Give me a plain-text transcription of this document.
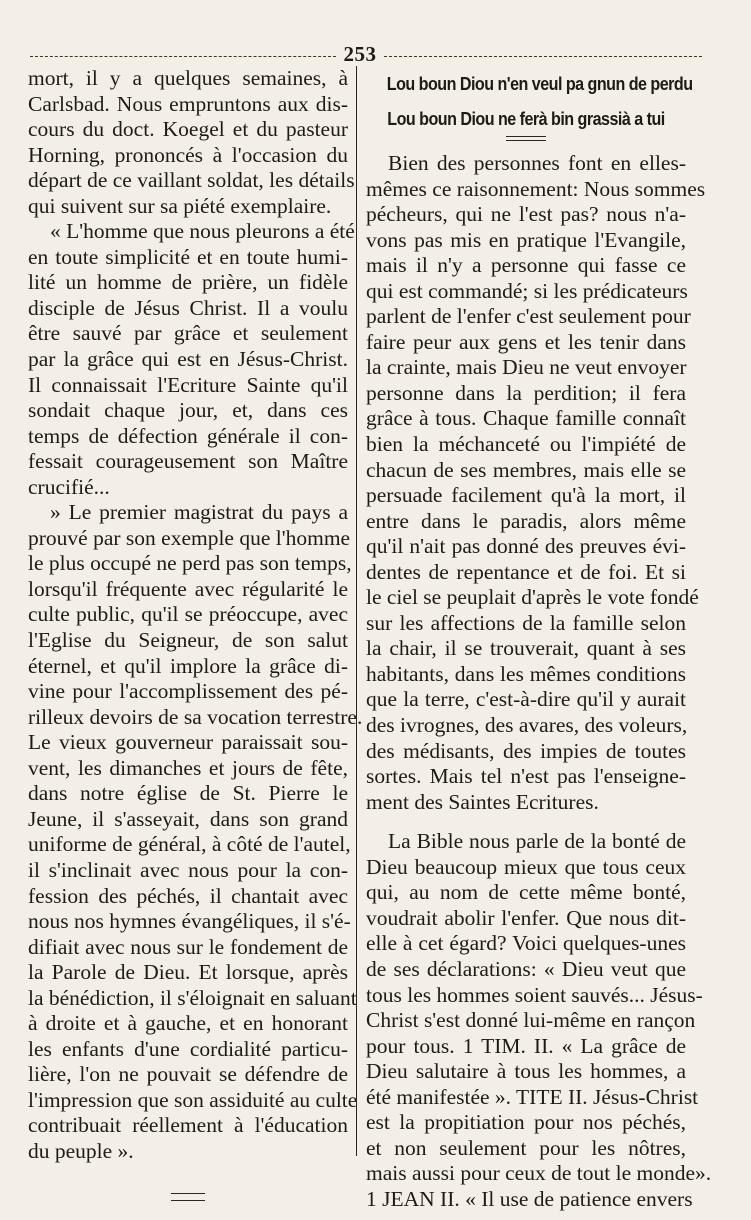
253
mort, il y a quelques semaines, à
Carlsbad. Nous empruntons aux dis-
cours du doct. Koegel et du pasteur
Horning, prononcés à l'occasion du
départ de ce vaillant soldat, les détails
qui suivent sur sa piété exemplaire.
« L'homme que nous pleurons a été
en toute simplicité et en toute humi-
lité un homme de prière, un fidèle
disciple de Jésus Christ. Il a voulu
être sauvé par grâce et seulement
par la grâce qui est en Jésus-Christ.
Il connaissait l'Ecriture Sainte qu'il
sondait chaque jour, et, dans ces
temps de défection générale il con-
fessait courageusement son Maître
crucifié...
» Le premier magistrat du pays a
prouvé par son exemple que l'homme
le plus occupé ne perd pas son temps,
lorsqu'il fréquente avec régularité le
culte public, qu'il se préoccupe, avec
l'Eglise du Seigneur, de son salut
éternel, et qu'il implore la grâce di-
vine pour l'accomplissement des pé-
rilleux devoirs de sa vocation terrestre.
Le vieux gouverneur paraissait sou-
vent, les dimanches et jours de fête,
dans notre église de St. Pierre le
Jeune, il s'asseyait, dans son grand
uniforme de général, à côté de l'autel,
il s'inclinait avec nous pour la con-
fession des péchés, il chantait avec
nous nos hymnes évangéliques, il s'é-
difiait avec nous sur le fondement de
la Parole de Dieu. Et lorsque, après
la bénédiction, il s'éloignait en saluant
à droite et à gauche, et en honorant
les enfants d'une cordialité particu-
lière, l'on ne pouvait se défendre de
l'impression que son assiduité au culte
contribuait réellement à l'éducation
du peuple ».
Lou boun Diou n'en veul pa gnun de perdu
Lou boun Diou ne ferà bin grassià a tui
Bien des personnes font en elles-
mêmes ce raisonnement: Nous sommes
pécheurs, qui ne l'est pas? nous n'a-
vons pas mis en pratique l'Evangile,
mais il n'y a personne qui fasse ce
qui est commandé; si les prédicateurs
parlent de l'enfer c'est seulement pour
faire peur aux gens et les tenir dans
la crainte, mais Dieu ne veut envoyer
personne dans la perdition; il fera
grâce à tous. Chaque famille connaît
bien la méchanceté ou l'impiété de
chacun de ses membres, mais elle se
persuade facilement qu'à la mort, il
entre dans le paradis, alors même
qu'il n'ait pas donné des preuves évi-
dentes de repentance et de foi. Et si
le ciel se peuplait d'après le vote fondé
sur les affections de la famille selon
la chair, il se trouverait, quant à ses
habitants, dans les mêmes conditions
que la terre, c'est-à-dire qu'il y aurait
des ivrognes, des avares, des voleurs,
des médisants, des impies de toutes
sortes. Mais tel n'est pas l'enseigne-
ment des Saintes Ecritures.
La Bible nous parle de la bonté de
Dieu beaucoup mieux que tous ceux
qui, au nom de cette même bonté,
voudrait abolir l'enfer. Que nous dit-
elle à cet égard? Voici quelques-unes
de ses déclarations: « Dieu veut que
tous les hommes soient sauvés... Jésus-
Christ s'est donné lui-même en rançon
pour tous. 1 TIM. II. « La grâce de
Dieu salutaire à tous les hommes, a
été manifestée ». TITE II. Jésus-Christ
est la propitiation pour nos péchés,
et non seulement pour les nôtres,
mais aussi pour ceux de tout le monde».
1 JEAN II. « Il use de patience envers
